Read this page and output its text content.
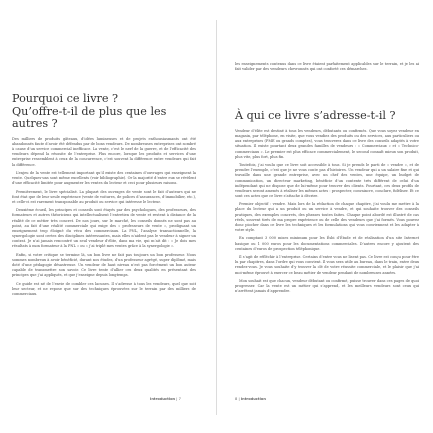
Pourquoi ce livre ?
Qu’offre-t-il de plus que les autres ?

Des milliers de produits gâteaux, d’idées lumineuses et de projets enthousiasmants ont été abandonnés faute d’avoir été défendus par de bons vendeurs. De nombreuses entreprises ont sombré à cause d’un service commercial inefficace. La vente, c’est le nerf de la guerre, et de l’efficacité des vendeurs dépend la réussite de l’entreprise. Plus encore, lorsque les produits et services d’une entreprise ressemblent à ceux de la concurrence, c’est souvent la différence entre vendeurs qui fait la différence.

L’enjeu de la vente est tellement important qu’il existe des centaines d’ouvrages qui enseignent la vente. Quelques-uns sont même excellents (voir bibliographie). Or la majorité d’entre eux se révèlent d’une efficacité limitée pour augmenter les ventes du lecteur et ceci pour plusieurs raisons.

Premièrement, le livre spécialisé. La plupart des ouvrages de vente sont le fait d’auteurs qui ne font état que de leur seule expérience (vente de voitures, de polices d’assurances, d’immobilier, etc.), et celle-ci est rarement transposable au produit ou service qui intéresse le lecteur.

Deuxième écueil, les principes et conseils sont étayés par des psychologues, des professeurs, des formateurs et autres théoriciens qui intellectualisent l’entretien de vente et restent à distance de la réalité de ce métier très concret. De nos jours, sur le marché, les conseils donnés ne sont pas au point, au fait d’une réalité commerciale qui exige des « professeurs de vente », prodiguant un enseignement trop éloigné du vécu des commerciaux. La PNL, l’analyse transactionnelle, la synergologie sont certes des disciplines intéressantes, mais elles n’aident pas le vendeur à signer un contrat. Je n’ai jamais rencontré un seul vendeur d’élite, dans ma vie, qui m’ait dit : « Je dois mes résultats à mon formateur à la PNL » ou « j’ai triplé mes ventes grâce à la synergologie ».

Enfin, si votre critique se termine là, un bon livre ne fait pas toujours un bon professeur. Nous sommes nombreux à avoir bénéficié, durant nos études, d’un professeur agrégé, super diplômé, mais doté d’une pédagogie désastreuse. Un vendeur de haut niveau n’est pas forcément un bon auteur capable de transmettre son savoir. Ce livre tente d’allier ces deux qualités en présentant des principes que j’ai appliqués, et que j’enseigne depuis longtemps.

Ce guide est né de l’envie de combler ces lacunes. Il s’adresse à tous les vendeurs, quel que soit leur secteur, et ne repose que sur des techniques éprouvées sur le terrain par des milliers de commerciaux.

Introduction | 7

les enseignements contenus dans ce livre étaient parfaitement applicables sur le terrain, et je les ai fait valider par des vendeurs chevronnés qui ont conforté ces démarches.

À qui ce livre s’adresse-t-il ?

Vendeur d’élite est destiné à tous les vendeurs, débutants ou confirmés. Que vous soyez vendeur en magasin, par téléphone, en visite, que vous vendiez des produits ou des services, aux particuliers ou aux entreprises (PME ou grands comptes), vous trouverez dans ce livre des conseils adaptés à votre situation. Il existe pourtant deux grandes familles de vendeurs : « Commerciaux » et « Technico-commerciaux ». Le premier est plus efficace commercialement, le second connaît mieux son produit, plus vite, plus fort, plus fin.

Toutefois, j’ai voulu que ce livre soit accessible à tous. Si je prends le parti de « vendre », et de prendre l’exemple, c’est que je ne vous conte pas d’histoires. Un vendeur qui a un salaire fixe et qui travaille dans une grande entreprise, avec un chef des ventes, une équipe, un budget de communication, un directeur marketing, bénéficie d’un contexte très différent de celui d’un indépendant qui ne dispose que de lui-même pour trouver des clients. Pourtant, ces deux profils de vendeurs seront amenés à réaliser les mêmes actes : prospecter, convaincre, conclure, fidéliser. Et ce sont ces actes que ce livre s’attache à décrire.

Premier objectif : vendre. Mais lors de la rédaction de chaque chapitre, j’ai voulu me mettre à la place du lecteur qui a un produit ou un service à vendre, et qui souhaite trouver des conseils pratiques, des exemples concrets, des phrases toutes faites. Chaque point abordé est illustré de cas réels, souvent tirés de ma propre expérience ou de celle des vendeurs que j’ai formés. Vous pouvez donc piocher dans ce livre les techniques et les formulations qui vous conviennent et les adapter à votre style.

En comptant 3 000 mises minimum pour les Ésbi d’Étude et de réalisation d’un site Internet basique ou 1 000 euros pour les documentations commerciales. D’autres encore y ajoutent des centaines d’euros de prospection téléphonique.

Il s’agit de réfléchir à l’entreprise. Certains d’entre vous ne lisent pas. Ce livre est conçu pour être lu par chapitres, dans l’ordre qui vous convient. Il vous sera utile au bureau, dans le train, entre deux rendez-vous. Je vous souhaite d’y trouver la clé de votre réussite commerciale, et le plaisir que j’ai moi-même éprouvé à exercer ce beau métier de vendeur pendant de nombreuses années.

Mon souhait est que chacun, vendeur débutant ou confirmé, puisse trouver dans ces pages de quoi progresser. Car la vente est un métier qui s’apprend, et les meilleurs vendeurs sont ceux qui n’arrêtent jamais d’apprendre.

8 | Introduction
